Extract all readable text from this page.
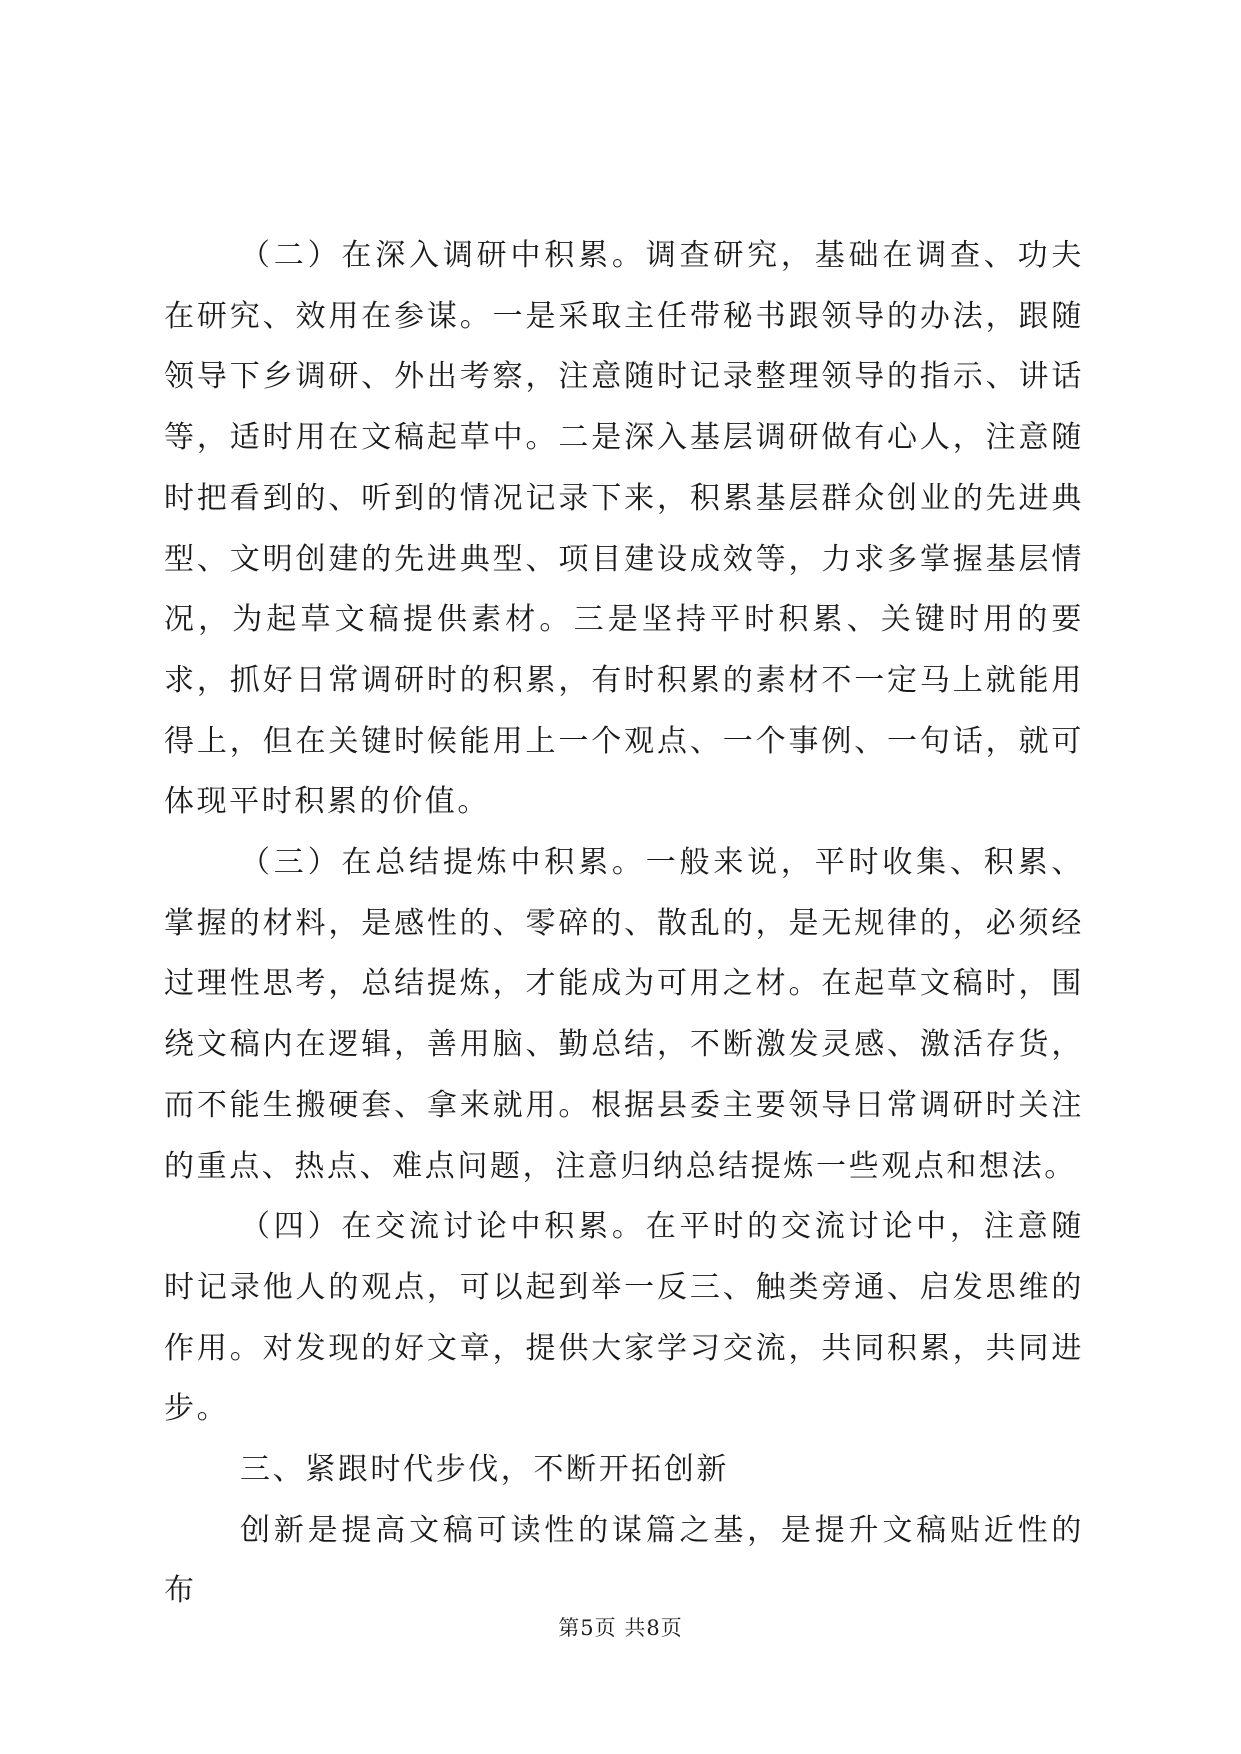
（二）在深入调研中积累。调查研究，基础在调查、功夫在研究、效用在参谋。一是采取主任带秘书跟领导的办法，跟随领导下乡调研、外出考察，注意随时记录整理领导的指示、讲话等，适时用在文稿起草中。二是深入基层调研做有心人，注意随时把看到的、听到的情况记录下来，积累基层群众创业的先进典型、文明创建的先进典型、项目建设成效等，力求多掌握基层情况，为起草文稿提供素材。三是坚持平时积累、关键时用的要求，抓好日常调研时的积累，有时积累的素材不一定马上就能用得上，但在关键时候能用上一个观点、一个事例、一句话，就可体现平时积累的价值。

（三）在总结提炼中积累。一般来说，平时收集、积累、掌握的材料，是感性的、零碎的、散乱的，是无规律的，必须经过理性思考，总结提炼，才能成为可用之材。在起草文稿时，围绕文稿内在逻辑，善用脑、勤总结，不断激发灵感、激活存货，而不能生搬硬套、拿来就用。根据县委主要领导日常调研时关注的重点、热点、难点问题，注意归纳总结提炼一些观点和想法。

（四）在交流讨论中积累。在平时的交流讨论中，注意随时记录他人的观点，可以起到举一反三、触类旁通、启发思维的作用。对发现的好文章，提供大家学习交流，共同积累，共同进步。

三、紧跟时代步伐，不断开拓创新

创新是提高文稿可读性的谋篇之基，是提升文稿贴近性的布

第5页 共8页
